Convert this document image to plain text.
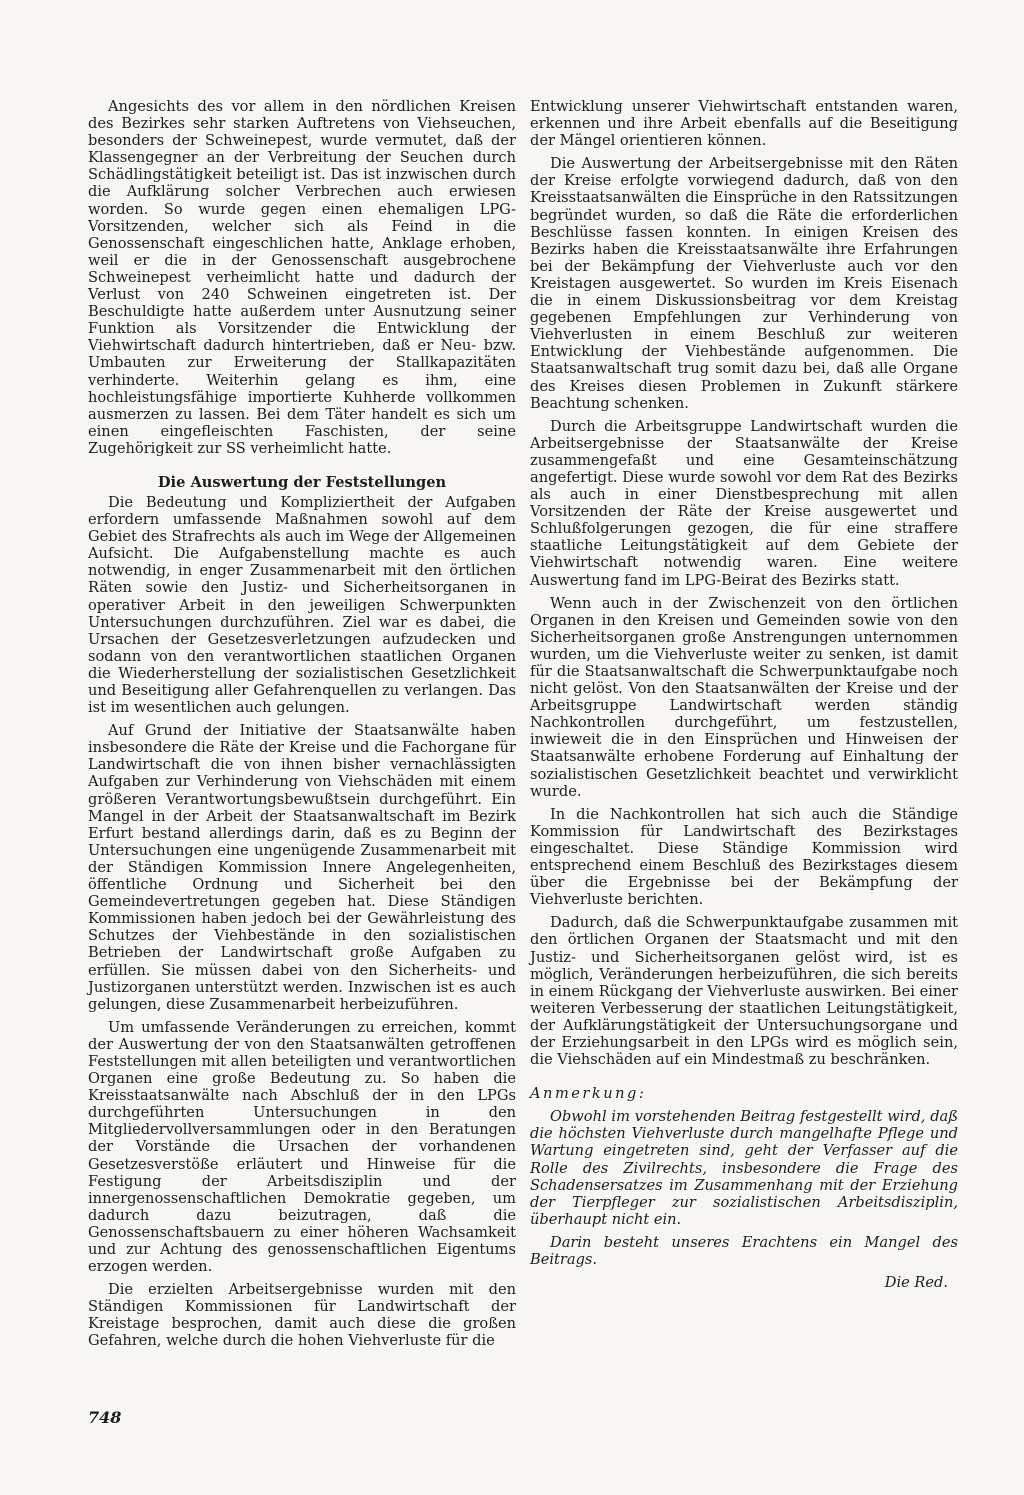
Angesichts des vor allem in den nördlichen Kreisen des Bezirkes sehr starken Auftretens von Viehseuchen, besonders der Schweinepest, wurde vermutet, daß der Klassengegner an der Verbreitung der Seuchen durch Schädlingstätigkeit beteiligt ist. Das ist inzwischen durch die Aufklärung solcher Verbrechen auch erwiesen worden. So wurde gegen einen ehemaligen LPG-Vorsitzenden, welcher sich als Feind in die Genossenschaft eingeschlichen hatte, Anklage erhoben, weil er die in der Genossenschaft ausgebrochene Schweinepest verheimlicht hatte und dadurch der Verlust von 240 Schweinen eingetreten ist. Der Beschuldigte hatte außerdem unter Ausnutzung seiner Funktion als Vorsitzender die Entwicklung der Viehwirtschaft dadurch hintertrieben, daß er Neu- bzw. Umbauten zur Erweiterung der Stallkapazitäten verhinderte. Weiterhin gelang es ihm, eine hochleistungsfähige importierte Kuhherde vollkommen ausmerzen zu lassen. Bei dem Täter handelt es sich um einen eingefleischten Faschisten, der seine Zugehörigkeit zur SS verheimlicht hatte.

Die Auswertung der Feststellungen

Die Bedeutung und Kompliziertheit der Aufgaben erfordern umfassende Maßnahmen sowohl auf dem Gebiet des Strafrechts als auch im Wege der Allgemeinen Aufsicht. Die Aufgabenstellung machte es auch notwendig, in enger Zusammenarbeit mit den örtlichen Räten sowie den Justiz- und Sicherheitsorganen in operativer Arbeit in den jeweiligen Schwerpunkten Untersuchungen durchzuführen. Ziel war es dabei, die Ursachen der Gesetzesverletzungen aufzudecken und sodann von den verantwortlichen staatlichen Organen die Wiederherstellung der sozialistischen Gesetzlichkeit und Beseitigung aller Gefahrenquellen zu verlangen. Das ist im wesentlichen auch gelungen.

Auf Grund der Initiative der Staatsanwälte haben insbesondere die Räte der Kreise und die Fachorgane für Landwirtschaft die von ihnen bisher vernachlässigten Aufgaben zur Verhinderung von Viehschäden mit einem größeren Verantwortungsbewußtsein durchgeführt. Ein Mangel in der Arbeit der Staatsanwaltschaft im Bezirk Erfurt bestand allerdings darin, daß es zu Beginn der Untersuchungen eine ungenügende Zusammenarbeit mit der Ständigen Kommission Innere Angelegenheiten, öffentliche Ordnung und Sicherheit bei den Gemeindevertretungen gegeben hat. Diese Ständigen Kommissionen haben jedoch bei der Gewährleistung des Schutzes der Viehbestände in den sozialistischen Betrieben der Landwirtschaft große Aufgaben zu erfüllen. Sie müssen dabei von den Sicherheits- und Justizorganen unterstützt werden. Inzwischen ist es auch gelungen, diese Zusammenarbeit herbeizuführen.

Um umfassende Veränderungen zu erreichen, kommt der Auswertung der von den Staatsanwälten getroffenen Feststellungen mit allen beteiligten und verantwortlichen Organen eine große Bedeutung zu. So haben die Kreisstaatsanwälte nach Abschluß der in den LPGs durchgeführten Untersuchungen in den Mitgliedervollversammlungen oder in den Beratungen der Vorstände die Ursachen der vorhandenen Gesetzesverstöße erläutert und Hinweise für die Festigung der Arbeitsdisziplin und der innergenossenschaftlichen Demokratie gegeben, um dadurch dazu beizutragen, daß die Genossenschaftsbauern zu einer höheren Wachsamkeit und zur Achtung des genossenschaftlichen Eigentums erzogen werden.

Die erzielten Arbeitsergebnisse wurden mit den Ständigen Kommissionen für Landwirtschaft der Kreistage besprochen, damit auch diese die großen Gefahren, welche durch die hohen Viehverluste für die

Entwicklung unserer Viehwirtschaft entstanden waren, erkennen und ihre Arbeit ebenfalls auf die Beseitigung der Mängel orientieren können.

Die Auswertung der Arbeitsergebnisse mit den Räten der Kreise erfolgte vorwiegend dadurch, daß von den Kreisstaatsanwälten die Einsprüche in den Ratssitzungen begründet wurden, so daß die Räte die erforderlichen Beschlüsse fassen konnten. In einigen Kreisen des Bezirks haben die Kreisstaatsanwälte ihre Erfahrungen bei der Bekämpfung der Viehverluste auch vor den Kreistagen ausgewertet. So wurden im Kreis Eisenach die in einem Diskussionsbeitrag vor dem Kreistag gegebenen Empfehlungen zur Verhinderung von Viehverlusten in einem Beschluß zur weiteren Entwicklung der Viehbestände aufgenommen. Die Staatsanwaltschaft trug somit dazu bei, daß alle Organe des Kreises diesen Problemen in Zukunft stärkere Beachtung schenken.

Durch die Arbeitsgruppe Landwirtschaft wurden die Arbeitsergebnisse der Staatsanwälte der Kreise zusammengefaßt und eine Gesamteinschätzung angefertigt. Diese wurde sowohl vor dem Rat des Bezirks als auch in einer Dienstbesprechung mit allen Vorsitzenden der Räte der Kreise ausgewertet und Schlußfolgerungen gezogen, die für eine straffere staatliche Leitungstätigkeit auf dem Gebiete der Viehwirtschaft notwendig waren. Eine weitere Auswertung fand im LPG-Beirat des Bezirks statt.

Wenn auch in der Zwischenzeit von den örtlichen Organen in den Kreisen und Gemeinden sowie von den Sicherheitsorganen große Anstrengungen unternommen wurden, um die Viehverluste weiter zu senken, ist damit für die Staatsanwaltschaft die Schwerpunktaufgabe noch nicht gelöst. Von den Staatsanwälten der Kreise und der Arbeitsgruppe Landwirtschaft werden ständig Nachkontrollen durchgeführt, um festzustellen, inwieweit die in den Einsprüchen und Hinweisen der Staatsanwälte erhobene Forderung auf Einhaltung der sozialistischen Gesetzlichkeit beachtet und verwirklicht wurde.

In die Nachkontrollen hat sich auch die Ständige Kommission für Landwirtschaft des Bezirkstages eingeschaltet. Diese Ständige Kommission wird entsprechend einem Beschluß des Bezirkstages diesem über die Ergebnisse bei der Bekämpfung der Viehverluste berichten.

Dadurch, daß die Schwerpunktaufgabe zusammen mit den örtlichen Organen der Staatsmacht und mit den Justiz- und Sicherheitsorganen gelöst wird, ist es möglich, Veränderungen herbeizuführen, die sich bereits in einem Rückgang der Viehverluste auswirken. Bei einer weiteren Verbesserung der staatlichen Leitungstätigkeit, der Aufklärungstätigkeit der Untersuchungsorgane und der Erziehungsarbeit in den LPGs wird es möglich sein, die Viehschäden auf ein Mindestmaß zu beschränken.

Anmerkung:

Obwohl im vorstehenden Beitrag festgestellt wird, daß die höchsten Viehverluste durch mangelhafte Pflege und Wartung eingetreten sind, geht der Verfasser auf die Rolle des Zivilrechts, insbesondere die Frage des Schadensersatzes im Zusammenhang mit der Erziehung der Tierpfleger zur sozialistischen Arbeitsdisziplin, überhaupt nicht ein.

Darin besteht unseres Erachtens ein Mangel des Beitrags.

Die Red.

748
